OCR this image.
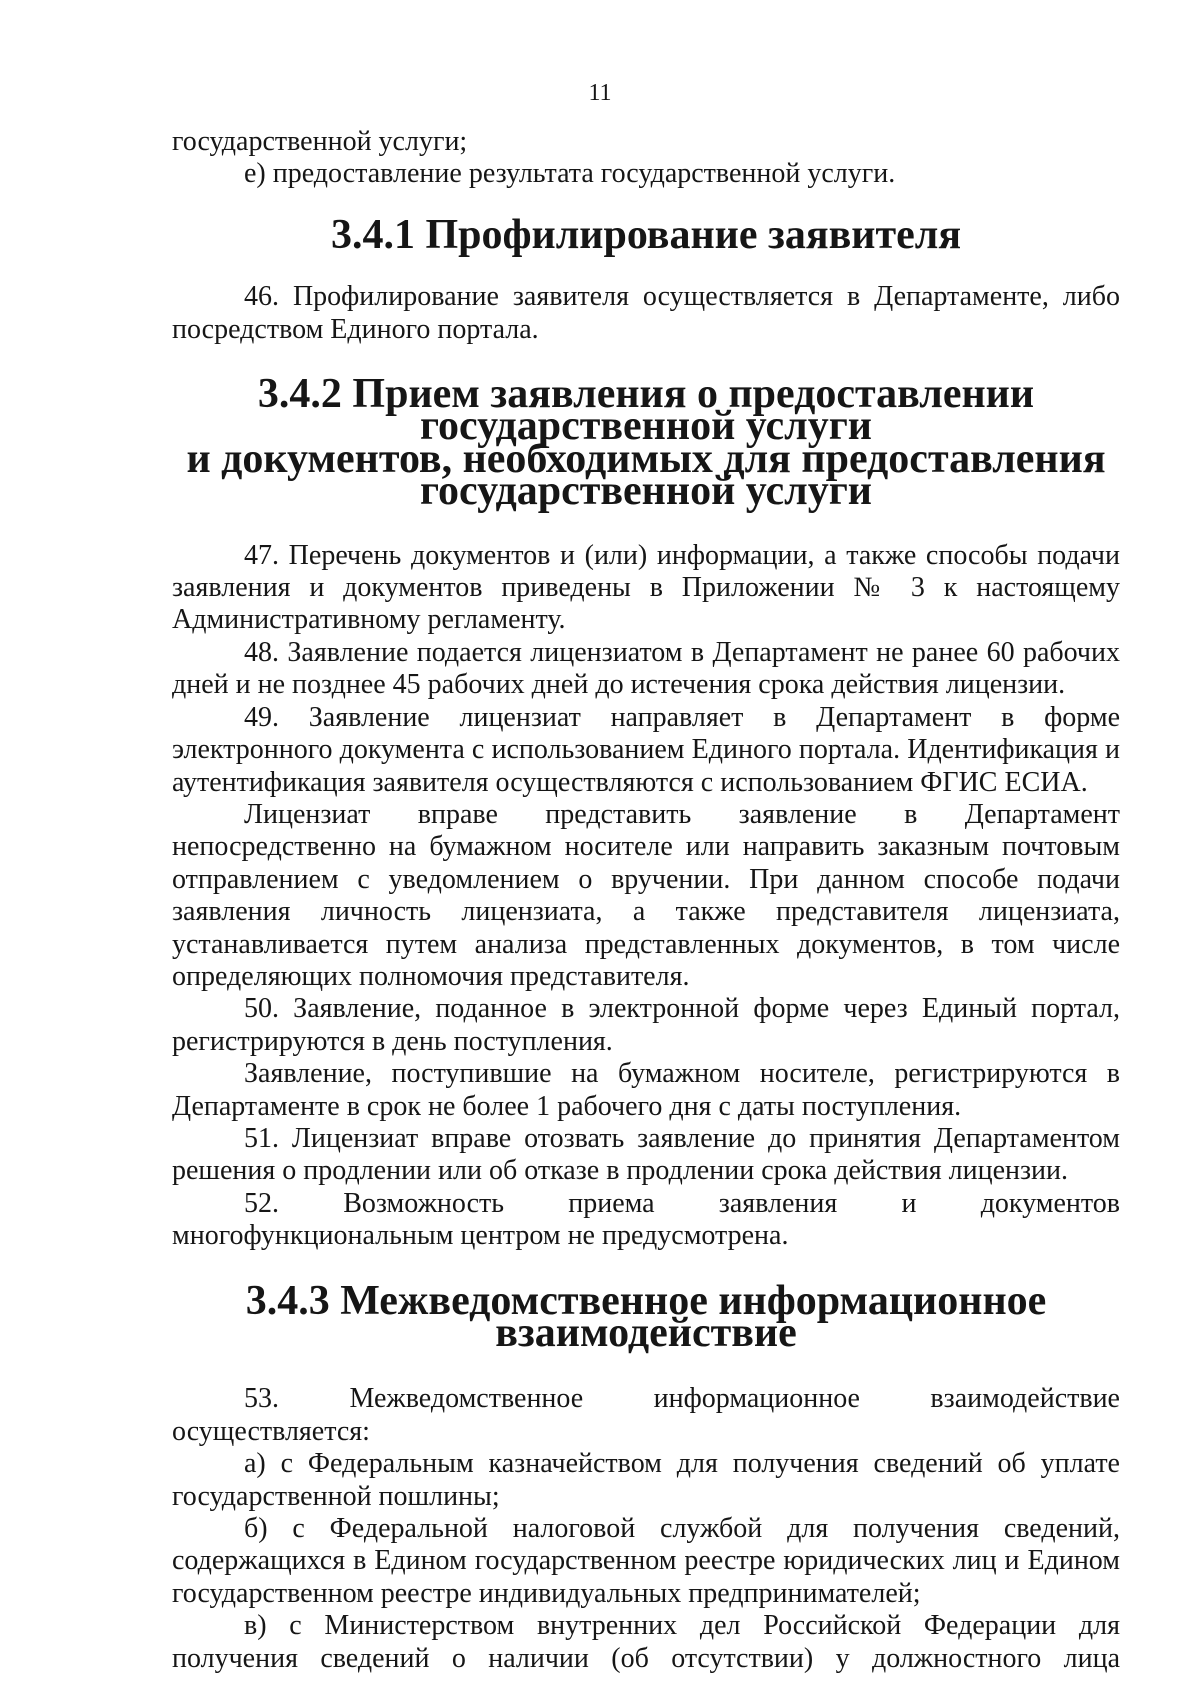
11

государственной услуги;

е) предоставление результата государственной услуги.

3.4.1 Профилирование заявителя

46. Профилирование заявителя осуществляется в Департаменте, либо посредством Единого портала.

3.4.2 Прием заявления о предоставлении государственной услуги
и документов, необходимых для предоставления государственной услуги

47. Перечень документов и (или) информации, а также способы подачи заявления и документов приведены в Приложении № 3 к настоящему Административному регламенту.

48. Заявление подается лицензиатом в Департамент не ранее 60 рабочих дней и не позднее 45 рабочих дней до истечения срока действия лицензии.

49. Заявление лицензиат направляет в Департамент в форме электронного документа с использованием Единого портала. Идентификация и аутентификация заявителя осуществляются с использованием ФГИС ЕСИА.

Лицензиат вправе представить заявление в Департамент непосредственно на бумажном носителе или направить заказным почтовым отправлением с уведомлением о вручении. При данном способе подачи заявления личность лицензиата, а также представителя лицензиата, устанавливается путем анализа представленных документов, в том числе определяющих полномочия представителя.

50. Заявление, поданное в электронной форме через Единый портал, регистрируются в день поступления.

Заявление, поступившие на бумажном носителе, регистрируются в Департаменте в срок не более 1 рабочего дня с даты поступления.

51. Лицензиат вправе отозвать заявление до принятия Департаментом решения о продлении или об отказе в продлении срока действия лицензии.

52. Возможность приема заявления и документов многофункциональным центром не предусмотрена.

3.4.3 Межведомственное информационное взаимодействие

53. Межведомственное информационное взаимодействие осуществляется:

а) с Федеральным казначейством для получения сведений об уплате государственной пошлины;

б) с Федеральной налоговой службой для получения сведений, содержащихся в Едином государственном реестре юридических лиц и Едином государственном реестре индивидуальных предпринимателей;

в) с Министерством внутренних дел Российской Федерации для получения сведений о наличии (об отсутствии) у должностного лица
